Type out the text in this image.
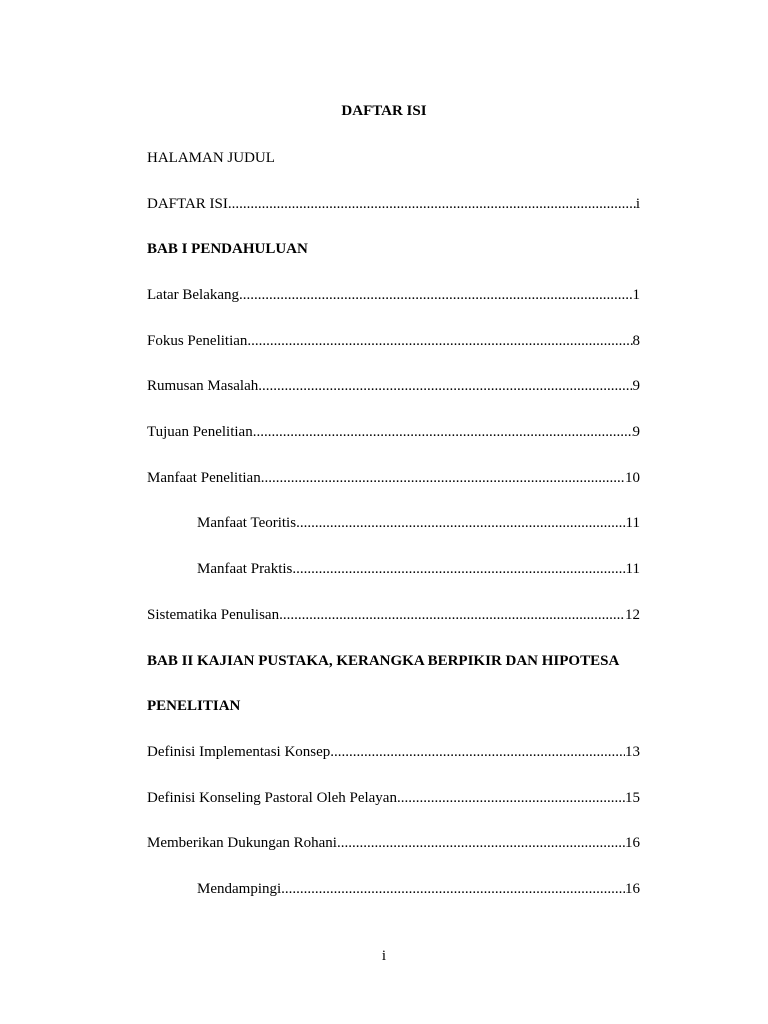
DAFTAR ISI
HALAMAN JUDUL
DAFTAR ISI .....	i
BAB I PENDAHULUAN
Latar Belakang .....	1
Fokus Penelitian .....	8
Rumusan Masalah .....	9
Tujuan Penelitian .....	9
Manfaat Penelitian .....	10
Manfaat Teoritis .....	11
Manfaat Praktis .....	11
Sistematika Penulisan .....	12
BAB II KAJIAN PUSTAKA, KERANGKA BERPIKIR DAN HIPOTESA
PENELITIAN
Definisi Implementasi Konsep .....	13
Definisi Konseling Pastoral Oleh Pelayan .....	15
Memberikan Dukungan Rohani .....	16
Mendampingi .....	16
i
